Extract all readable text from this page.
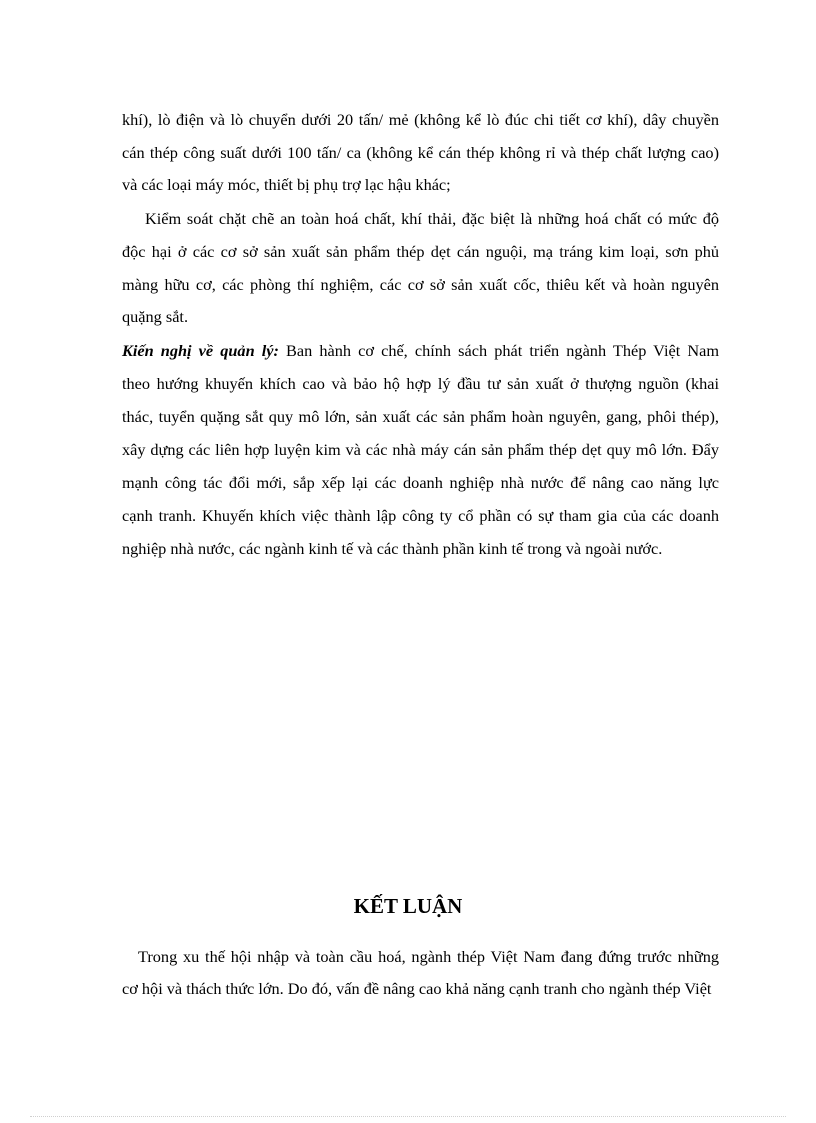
khí), lò điện và lò chuyển dưới 20 tấn/ mẻ (không kể lò đúc chi tiết cơ khí), dây chuyền
cán thép công suất dưới 100 tấn/ ca (không kể cán thép không rỉ và thép chất lượng cao)
và các loại máy móc, thiết bị phụ trợ lạc hậu khác;
Kiểm soát chặt chẽ an toàn hoá chất, khí thải, đặc biệt là những hoá chất có mức độ
độc hại ở các cơ sở sản xuất sản phẩm thép dẹt cán nguội, mạ tráng kim loại, sơn phủ
màng hữu cơ, các phòng thí nghiệm, các cơ sở sản xuất cốc, thiêu kết và hoàn nguyên
quặng sắt.
Kiến nghị về quản lý: Ban hành cơ chế, chính sách phát triển ngành Thép Việt Nam
theo hướng khuyến khích cao và bảo hộ hợp lý đầu tư sản xuất ở thượng nguồn (khai
thác, tuyển quặng sắt quy mô lớn, sản xuất các sản phẩm hoàn nguyên, gang, phôi thép),
xây dựng các liên hợp luyện kim và các nhà máy cán sản phẩm thép dẹt quy mô lớn. Đẩy
mạnh công tác đổi mới, sắp xếp lại các doanh nghiệp nhà nước để nâng cao năng lực
cạnh tranh. Khuyến khích việc thành lập công ty cổ phần có sự tham gia của các doanh
nghiệp nhà nước, các ngành kinh tế và các thành phần kinh tế trong và ngoài nước.
KẾT LUẬN
Trong xu thế hội nhập và toàn cầu hoá, ngành thép Việt Nam đang đứng trước những
cơ hội và thách thức lớn. Do đó, vấn đề nâng cao khả năng cạnh tranh cho ngành thép Việt
